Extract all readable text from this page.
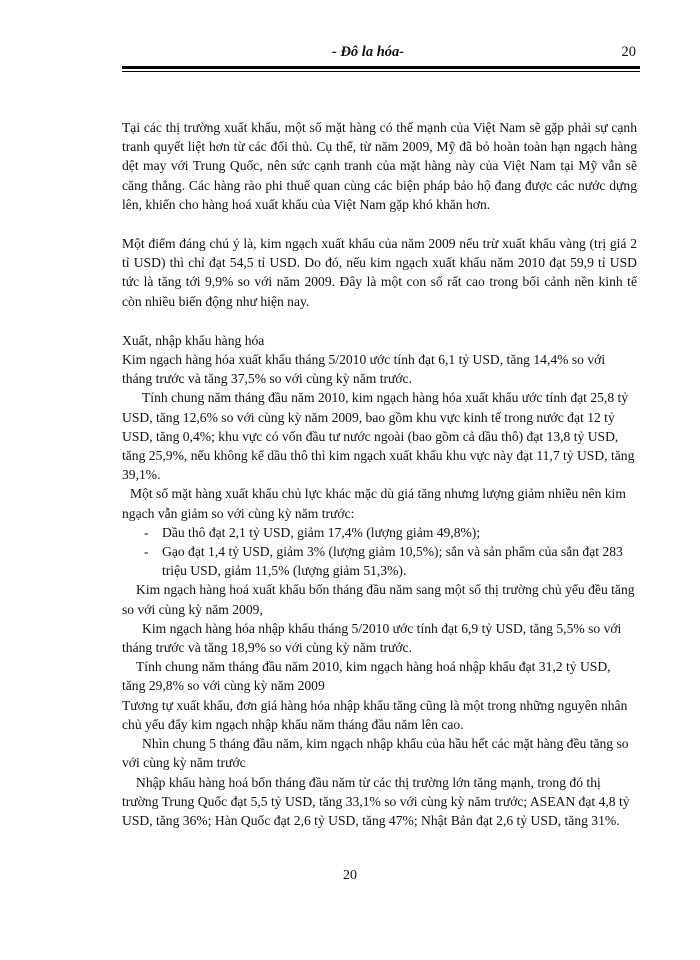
- Đô la hóa-	20

Tại các thị trường xuất khẩu, một số mặt hàng có thế mạnh của Việt Nam sẽ gặp phải sự cạnh tranh quyết liệt hơn từ các đối thủ. Cụ thể, từ năm 2009, Mỹ đã bỏ hoàn toàn hạn ngạch hàng dệt may với Trung Quốc, nên sức cạnh tranh của mặt hàng này của Việt Nam tại Mỹ vẫn sẽ căng thẳng. Các hàng rào phi thuế quan cùng các biện pháp bảo hộ đang được các nước dựng lên, khiến cho hàng hoá xuất khẩu của Việt Nam gặp khó khăn hơn.

Một điểm đáng chú ý là, kim ngạch xuất khẩu của năm 2009 nếu trừ xuất khẩu vàng (trị giá 2 tỉ USD) thì chỉ đạt 54,5 tỉ USD. Do đó, nếu kim ngạch xuất khẩu năm 2010 đạt 59,9 tỉ USD tức là tăng tới 9,9% so với năm 2009. Đây là một con số rất cao trong bối cảnh nền kinh tế còn nhiều biến động như hiện nay.

Xuất, nhập khẩu hàng hóa

Kim ngạch hàng hóa xuất khẩu tháng 5/2010 ước tính đạt 6,1 tỷ USD, tăng 14,4% so với tháng trước và tăng 37,5% so với cùng kỳ năm trước.

Tính chung năm tháng đầu năm 2010, kim ngạch hàng hóa xuất khẩu ước tính đạt 25,8 tỷ USD, tăng 12,6% so với cùng kỳ năm 2009, bao gồm khu vực kinh tế trong nước đạt 12 tỷ USD, tăng 0,4%; khu vực có vốn đầu tư nước ngoài (bao gồm cả dầu thô) đạt 13,8 tỷ USD, tăng 25,9%, nếu không kể dầu thô thì kim ngạch xuất khẩu khu vực này đạt 11,7 tỷ USD, tăng 39,1%.

Một số mặt hàng xuất khẩu chủ lực khác mặc dù giá tăng nhưng lượng giảm nhiều nên kim ngạch vẫn giảm so với cùng kỳ năm trước:

- Dầu thô đạt 2,1 tỷ USD, giảm 17,4% (lượng giảm 49,8%);
- Gạo đạt 1,4 tỷ USD, giảm 3% (lượng giảm 10,5%); sắn và sản phẩm của sắn đạt 283 triệu USD, giảm 11,5% (lượng giảm 51,3%).

Kim ngạch hàng hoá xuất khẩu bốn tháng đầu năm sang một số thị trường chủ yếu đều tăng so với cùng kỳ năm 2009,

Kim ngạch hàng hóa nhập khẩu tháng 5/2010 ước tính đạt 6,9 tỷ USD, tăng 5,5% so với tháng trước và tăng 18,9% so với cùng kỳ năm trước.

Tính chung năm tháng đầu năm 2010, kim ngạch hàng hoá nhập khẩu đạt 31,2 tỷ USD, tăng 29,8% so với cùng kỳ năm 2009

Tương tự xuất khẩu, đơn giá hàng hóa nhập khẩu tăng cũng là một trong những nguyên nhân chủ yếu đẩy kim ngạch nhập khẩu năm tháng đầu năm lên cao.

Nhìn chung 5 tháng đầu năm, kim ngạch nhập khẩu của hầu hết các mặt hàng đều tăng so với cùng kỳ năm trước

Nhập khẩu hàng hoá bốn tháng đầu năm từ các thị trường lớn tăng mạnh, trong đó thị trường Trung Quốc đạt 5,5 tỷ USD, tăng 33,1% so với cùng kỳ năm trước; ASEAN đạt 4,8 tỷ USD, tăng 36%; Hàn Quốc đạt 2,6 tỷ USD, tăng 47%; Nhật Bản đạt 2,6 tỷ USD, tăng 31%.

20
